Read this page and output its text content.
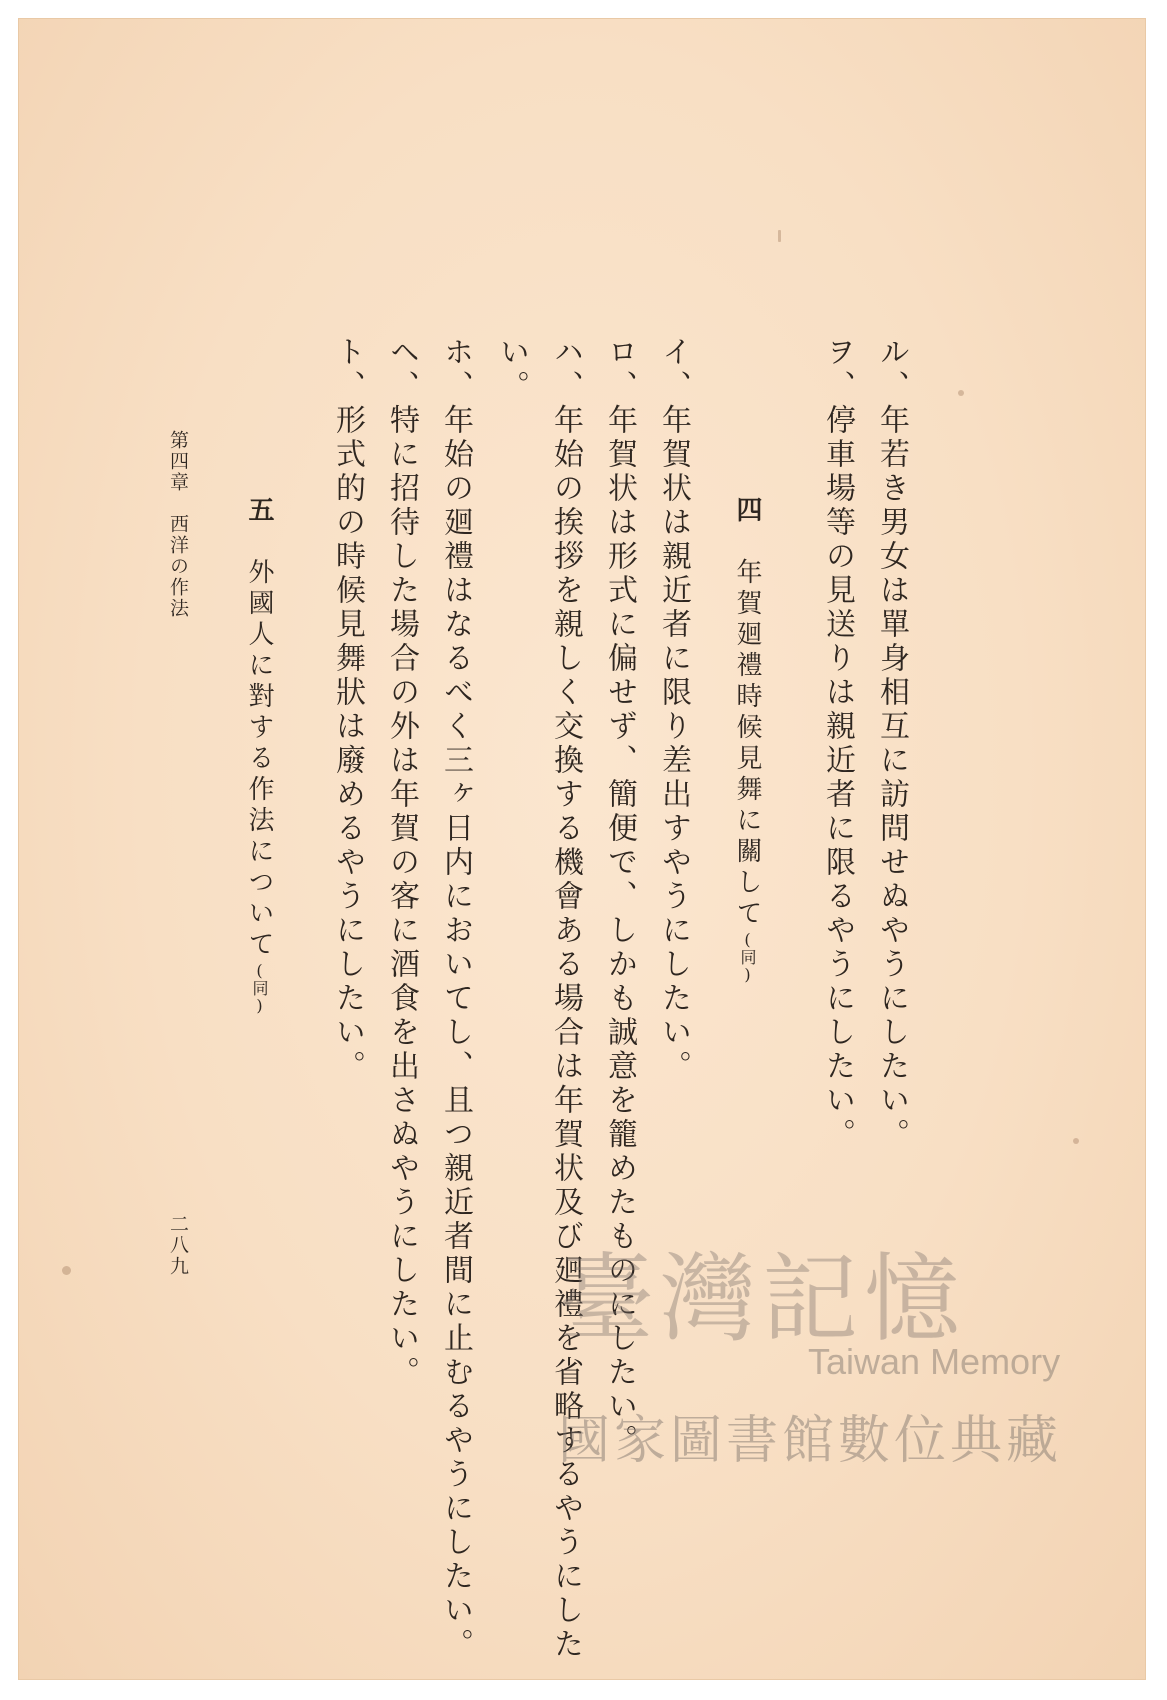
ル、年若き男女は單身相互に訪問せぬやうにしたい。
ヲ、停車場等の見送りは親近者に限るやうにしたい。
四　年賀廻禮時候見舞に關して(同)
イ、年賀状は親近者に限り差出すやうにしたい。
ロ、年賀状は形式に偏せず、簡便で、しかも誠意を籠めたものにしたい。
ハ、年始の挨拶を親しく交換する機會ある場合は年賀状及び廻禮を省略するやうにした
い。
ホ、年始の廻禮はなるべく三ヶ日内においてし、且つ親近者間に止むるやうにしたい。
ヘ、特に招待した場合の外は年賀の客に酒食を出さぬやうにしたい。
ト、形式的の時候見舞狀は廢めるやうにしたい。
五　外國人に對する作法について(同)
第四章　西洋の作法
二八九	臺灣記憶
Taiwan Memory
國家圖書館數位典藏
